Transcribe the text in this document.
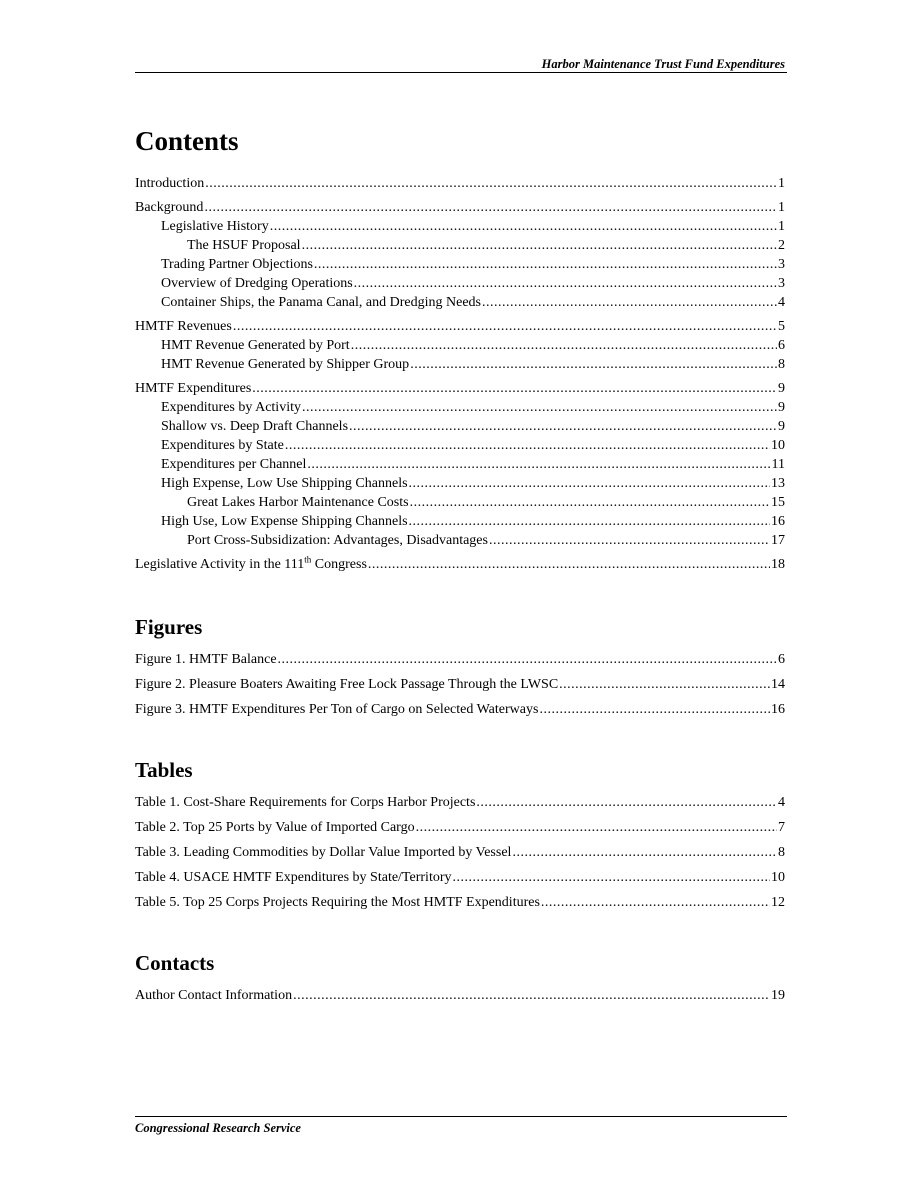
Harbor Maintenance Trust Fund Expenditures
Contents
Introduction .....	1
Background .....	1
Legislative History .....	1
The HSUF Proposal .....	2
Trading Partner Objections .....	3
Overview of Dredging Operations .....	3
Container Ships, the Panama Canal, and Dredging Needs .....	4
HMTF Revenues .....	5
HMT Revenue Generated by Port .....	6
HMT Revenue Generated by Shipper Group .....	8
HMTF Expenditures .....	9
Expenditures by Activity .....	9
Shallow vs. Deep Draft Channels .....	9
Expenditures by State .....	10
Expenditures per Channel .....	11
High Expense, Low Use Shipping Channels .....	13
Great Lakes Harbor Maintenance Costs .....	15
High Use, Low Expense Shipping Channels .....	16
Port Cross-Subsidization: Advantages, Disadvantages .....	17
Legislative Activity in the 111th Congress .....	18
Figures
Figure 1. HMTF Balance .....	6
Figure 2. Pleasure Boaters Awaiting Free Lock Passage Through the LWSC .....	14
Figure 3. HMTF Expenditures Per Ton of Cargo on Selected Waterways .....	16
Tables
Table 1. Cost-Share Requirements for Corps Harbor Projects .....	4
Table 2. Top 25 Ports by Value of Imported Cargo .....	7
Table 3. Leading Commodities by Dollar Value Imported by Vessel .....	8
Table 4. USACE HMTF Expenditures by State/Territory .....	10
Table 5. Top 25 Corps Projects Requiring the Most HMTF Expenditures .....	12
Contacts
Author Contact Information .....	19
Congressional Research Service
